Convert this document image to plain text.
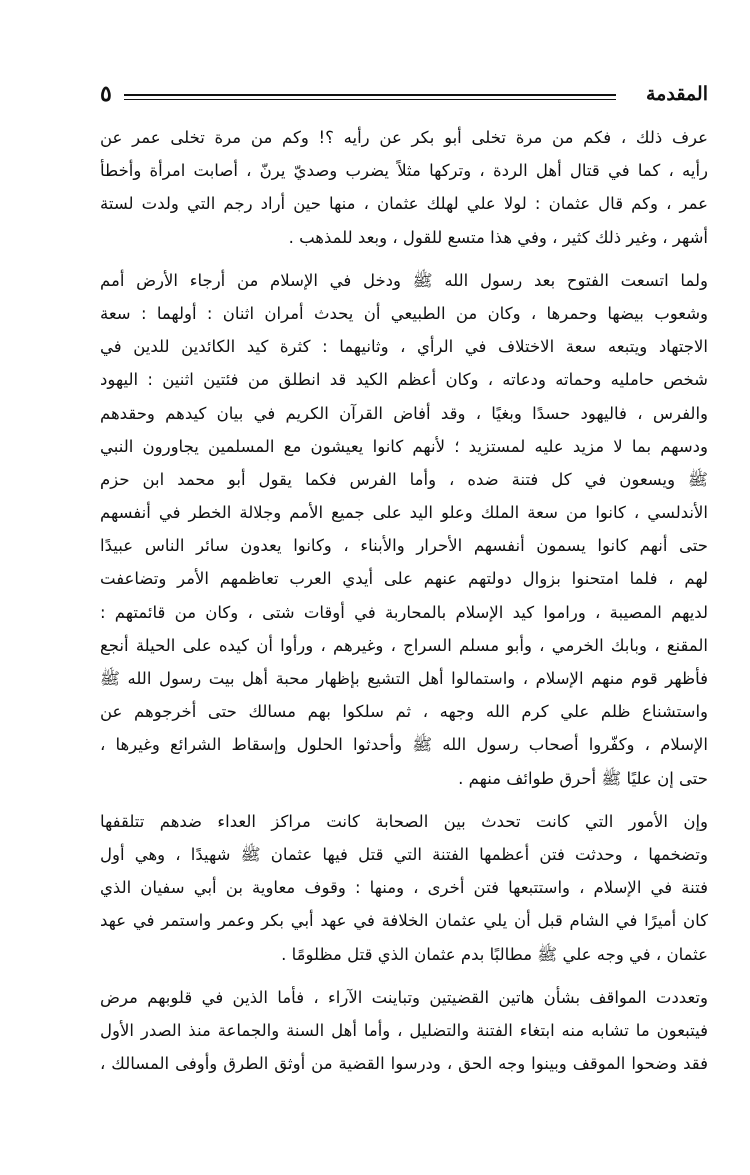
المقدمة
٥
عرف ذلك ، فكم من مرة تخلى أبو بكر عن رأيه ؟! وكم من مرة تخلى عمر عن
رأيه ، كما في قتال أهل الردة ، وتركها مثلاً يضرب وصديّ يرنّ ، أصابت امرأة وأخطأ
عمر ، وكم قال عثمان : لولا علي لهلك عثمان ، منها حين أراد رجم التي ولدت لستة
أشهر ، وغير ذلك كثير ، وفي هذا متسع للقول ، وبعد للمذهب .
ولما اتسعت الفتوح بعد رسول الله ﷺ ودخل في الإسلام من أرجاء الأرض أمم
وشعوب بيضها وحمرها ، وكان من الطبيعي أن يحدث أمران اثنان : أولهما : سعة
الاجتهاد ويتبعه سعة الاختلاف في الرأي ، وثانيهما : كثرة كيد الكائدين للدين في
شخص حامليه وحماته ودعاته ، وكان أعظم الكيد قد انطلق من فئتين اثنين : اليهود
والفرس ، فاليهود حسدًا وبغيًا ، وقد أفاض القرآن الكريم في بيان كيدهم وحقدهم
ودسهم بما لا مزيد عليه لمستزيد ؛ لأنهم كانوا يعيشون مع المسلمين يجاورون النبي
ﷺ ويسعون في كل فتنة ضده ، وأما الفرس فكما يقول أبو محمد ابن حزم
الأندلسي ، كانوا من سعة الملك وعلو اليد على جميع الأمم وجلالة الخطر في أنفسهم
حتى أنهم كانوا يسمون أنفسهم الأحرار والأبناء ، وكانوا يعدون سائر الناس عبيدًا
لهم ، فلما امتحنوا بزوال دولتهم عنهم على أيدي العرب تعاظمهم الأمر وتضاعفت
لديهم المصيبة ، وراموا كيد الإسلام بالمحاربة في أوقات شتى ، وكان من قائمتهم :
المقنع ، وبابك الخرمي ، وأبو مسلم السراج ، وغيرهم ، ورأوا أن كيده على الحيلة أنجع
فأظهر قوم منهم الإسلام ، واستمالوا أهل التشيع بإظهار محبة أهل بيت رسول الله ﷺ
واستشناع ظلم علي كرم الله وجهه ، ثم سلكوا بهم مسالك حتى أخرجوهم عن
الإسلام ، وكفّروا أصحاب رسول الله ﷺ وأحدثوا الحلول وإسقاط الشرائع وغيرها ،
حتى إن عليًا ﷺ أحرق طوائف منهم .
وإن الأمور التي كانت تحدث بين الصحابة كانت مراكز العداء ضدهم تتلقفها
وتضخمها ، وحدثت فتن أعظمها الفتنة التي قتل فيها عثمان ﷺ شهيدًا ، وهي أول
فتنة في الإسلام ، واستتبعها فتن أخرى ، ومنها : وقوف معاوية بن أبي سفيان الذي
كان أميرًا في الشام قبل أن يلي عثمان الخلافة في عهد أبي بكر وعمر واستمر في عهد
عثمان ، في وجه علي ﷺ مطالبًا بدم عثمان الذي قتل مظلومًا .
وتعددت المواقف بشأن هاتين القضيتين وتباينت الآراء ، فأما الذين في قلوبهم مرض
فيتبعون ما تشابه منه ابتغاء الفتنة والتضليل ، وأما أهل السنة والجماعة منذ الصدر الأول
فقد وضحوا الموقف وبينوا وجه الحق ، ودرسوا القضية من أوثق الطرق وأوفى المسالك ،
